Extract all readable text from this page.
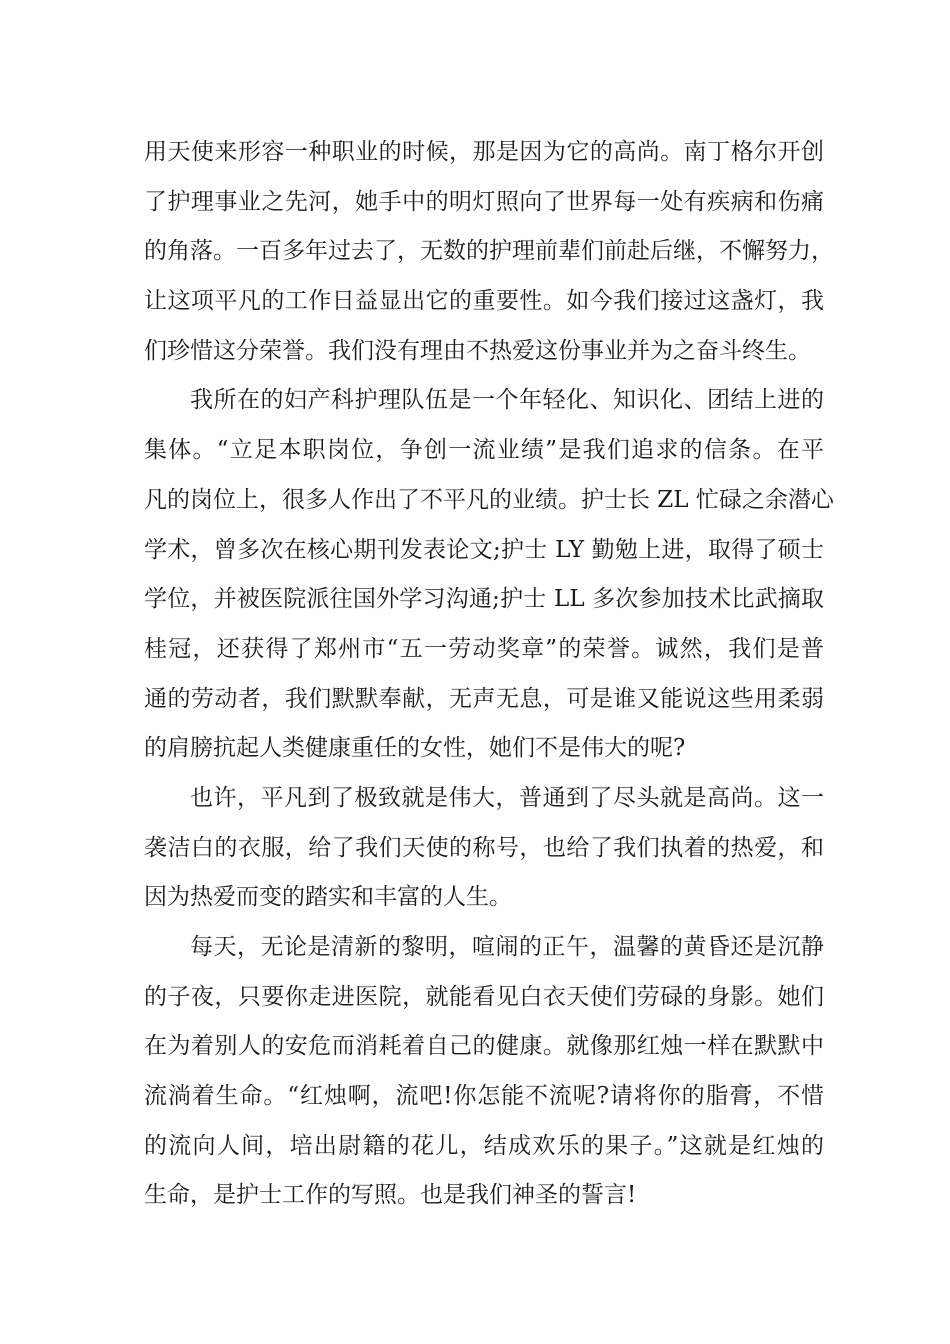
用天使来形容一种职业的时候，那是因为它的高尚。南丁格尔开创
了护理事业之先河，她手中的明灯照向了世界每一处有疾病和伤痛
的角落。一百多年过去了，无数的护理前辈们前赴后继，不懈努力，
让这项平凡的工作日益显出它的重要性。如今我们接过这盏灯，我
们珍惜这分荣誉。我们没有理由不热爱这份事业并为之奋斗终生。
我所在的妇产科护理队伍是一个年轻化、知识化、团结上进的
集体。“立足本职岗位，争创一流业绩”是我们追求的信条。在平
凡的岗位上，很多人作出了不平凡的业绩。护士长 ZL 忙碌之余潜心
学术，曾多次在核心期刊发表论文;护士 LY 勤勉上进，取得了硕士
学位，并被医院派往国外学习沟通;护士 LL 多次参加技术比武摘取
桂冠，还获得了郑州市“五一劳动奖章”的荣誉。诚然，我们是普
通的劳动者，我们默默奉献，无声无息，可是谁又能说这些用柔弱
的肩膀抗起人类健康重任的女性，她们不是伟大的呢?
也许，平凡到了极致就是伟大，普通到了尽头就是高尚。这一
袭洁白的衣服，给了我们天使的称号，也给了我们执着的热爱，和
因为热爱而变的踏实和丰富的人生。
每天，无论是清新的黎明，喧闹的正午，温馨的黄昏还是沉静
的子夜，只要你走进医院，就能看见白衣天使们劳碌的身影。她们
在为着别人的安危而消耗着自己的健康。就像那红烛一样在默默中
流淌着生命。“红烛啊，流吧!你怎能不流呢?请将你的脂膏，不惜
的流向人间，培出尉籍的花儿，结成欢乐的果子。”这就是红烛的
生命，是护士工作的写照。也是我们神圣的誓言!
